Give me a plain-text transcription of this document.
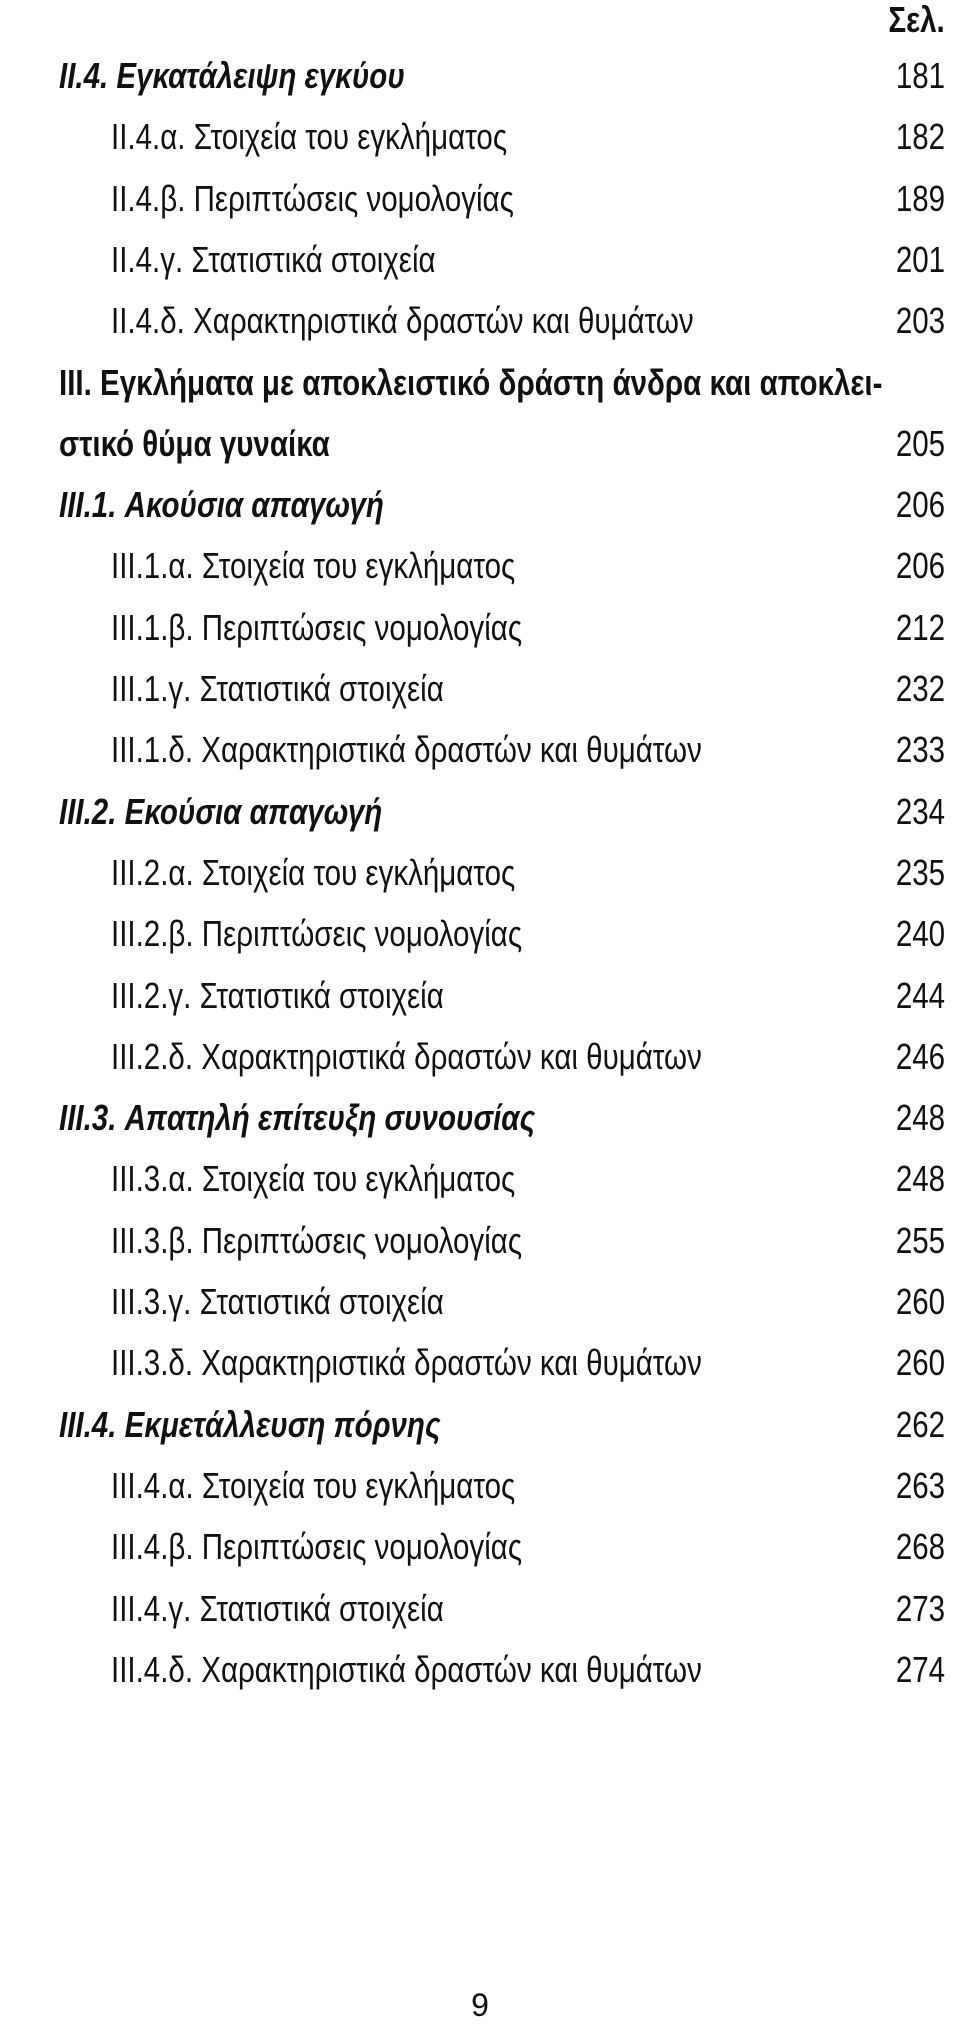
Σελ.
II.4. Εγκατάλειψη εγκύου	181
II.4.α. Στοιχεία του εγκλήματος	182
II.4.β. Περιπτώσεις νομολογίας	189
II.4.γ. Στατιστικά στοιχεία	201
II.4.δ. Χαρακτηριστικά δραστών και θυμάτων	203
III. Εγκλήματα με αποκλειστικό δράστη άνδρα και αποκλει-
στικό θύμα γυναίκα	205
III.1. Ακούσια απαγωγή	206
III.1.α. Στοιχεία του εγκλήματος	206
III.1.β. Περιπτώσεις νομολογίας	212
III.1.γ. Στατιστικά στοιχεία	232
III.1.δ. Χαρακτηριστικά δραστών και θυμάτων	233
III.2. Εκούσια απαγωγή	234
III.2.α. Στοιχεία του εγκλήματος	235
III.2.β. Περιπτώσεις νομολογίας	240
III.2.γ. Στατιστικά στοιχεία	244
III.2.δ. Χαρακτηριστικά δραστών και θυμάτων	246
III.3. Απατηλή επίτευξη συνουσίας	248
III.3.α. Στοιχεία του εγκλήματος	248
III.3.β. Περιπτώσεις νομολογίας	255
III.3.γ. Στατιστικά στοιχεία	260
III.3.δ. Χαρακτηριστικά δραστών και θυμάτων	260
III.4. Εκμετάλλευση πόρνης	262
III.4.α. Στοιχεία του εγκλήματος	263
III.4.β. Περιπτώσεις νομολογίας	268
III.4.γ. Στατιστικά στοιχεία	273
III.4.δ. Χαρακτηριστικά δραστών και θυμάτων	274
9
